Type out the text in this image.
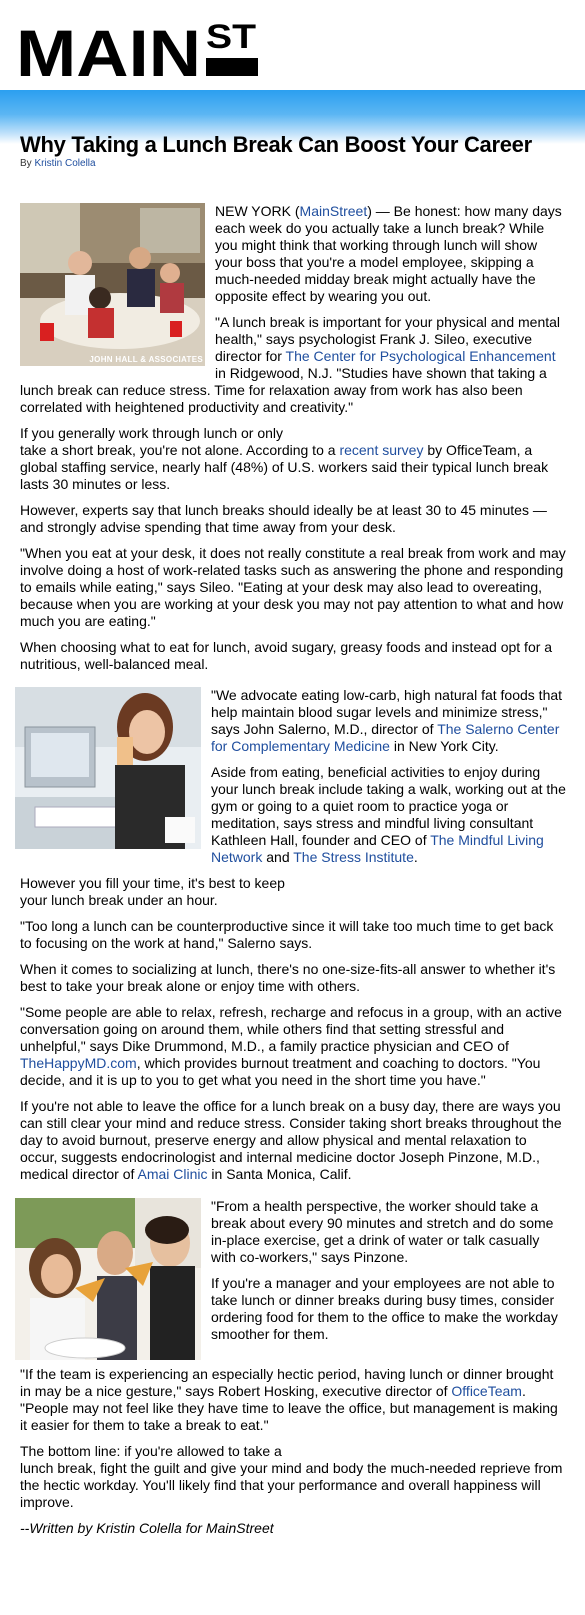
MAIN ST
Why Taking a Lunch Break Can Boost Your Career
By Kristin Colella
JOHN HALL & ASSOCIATES

NEW YORK (MainStreet) — Be honest: how many days each week do you actually take a lunch break? While you might think that working through lunch will show your boss that you're a model employee, skipping a much-needed midday break might actually have the opposite effect by wearing you out.

"A lunch break is important for your physical and mental health," says psychologist Frank J. Sileo, executive director for The Center for Psychological Enhancement in Ridgewood, N.J. "Studies have shown that taking a lunch break can reduce stress. Time for relaxation away from work has also been correlated with heightened productivity and creativity."

If you generally work through lunch or only
take a short break, you're not alone. According to a recent survey by OfficeTeam, a global staffing service, nearly half (48%) of U.S. workers said their typical lunch break lasts 30 minutes or less.

However, experts say that lunch breaks should ideally be at least 30 to 45 minutes —and strongly advise spending that time away from your desk.

"When you eat at your desk, it does not really constitute a real break from work and may involve doing a host of work-related tasks such as answering the phone and responding to emails while eating," says Sileo. "Eating at your desk may also lead to overeating, because when you are working at your desk you may not pay attention to what and how much you are eating."

When choosing what to eat for lunch, avoid sugary, greasy foods and instead opt for a nutritious, well-balanced meal.

"We advocate eating low-carb, high natural fat foods that help maintain blood sugar levels and minimize stress," says John Salerno, M.D., director of The Salerno Center for Complementary Medicine in New York City.

Aside from eating, beneficial activities to enjoy during your lunch break include taking a walk, working out at the gym or going to a quiet room to practice yoga or meditation, says stress and mindful living consultant Kathleen Hall, founder and CEO of The Mindful Living Network and The Stress Institute.

However you fill your time, it's best to keep
your lunch break under an hour.

"Too long a lunch can be counterproductive since it will take too much time to get back to focusing on the work at hand," Salerno says.

When it comes to socializing at lunch, there's no one-size-fits-all answer to whether it's best to take your break alone or enjoy time with others.

"Some people are able to relax, refresh, recharge and refocus in a group, with an active conversation going on around them, while others find that setting stressful and unhelpful," says Dike Drummond, M.D., a family practice physician and CEO of TheHappyMD.com, which provides burnout treatment and coaching to doctors. "You decide, and it is up to you to get what you need in the short time you have."

If you're not able to leave the office for a lunch break on a busy day, there are ways you can still clear your mind and reduce stress. Consider taking short breaks throughout the day to avoid burnout, preserve energy and allow physical and mental relaxation to occur, suggests endocrinologist and internal medicine doctor Joseph Pinzone, M.D., medical director of Amai Clinic in Santa Monica, Calif.

"From a health perspective, the worker should take a break about every 90 minutes and stretch and do some in-place exercise, get a drink of water or talk casually with co-workers," says Pinzone.

If you're a manager and your employees are not able to take lunch or dinner breaks during busy times, consider ordering food for them to the office to make the workday smoother for them.

"If the team is experiencing an especially hectic period, having lunch or dinner brought in may be a nice gesture," says Robert Hosking, executive director of OfficeTeam. "People may not feel like they have time to leave the office, but management is making it easier for them to take a break to eat."

The bottom line: if you're allowed to take a
lunch break, fight the guilt and give your mind and body the much-needed reprieve from the hectic workday. You'll likely find that your performance and overall happiness will improve.

--Written by Kristin Colella for MainStreet
